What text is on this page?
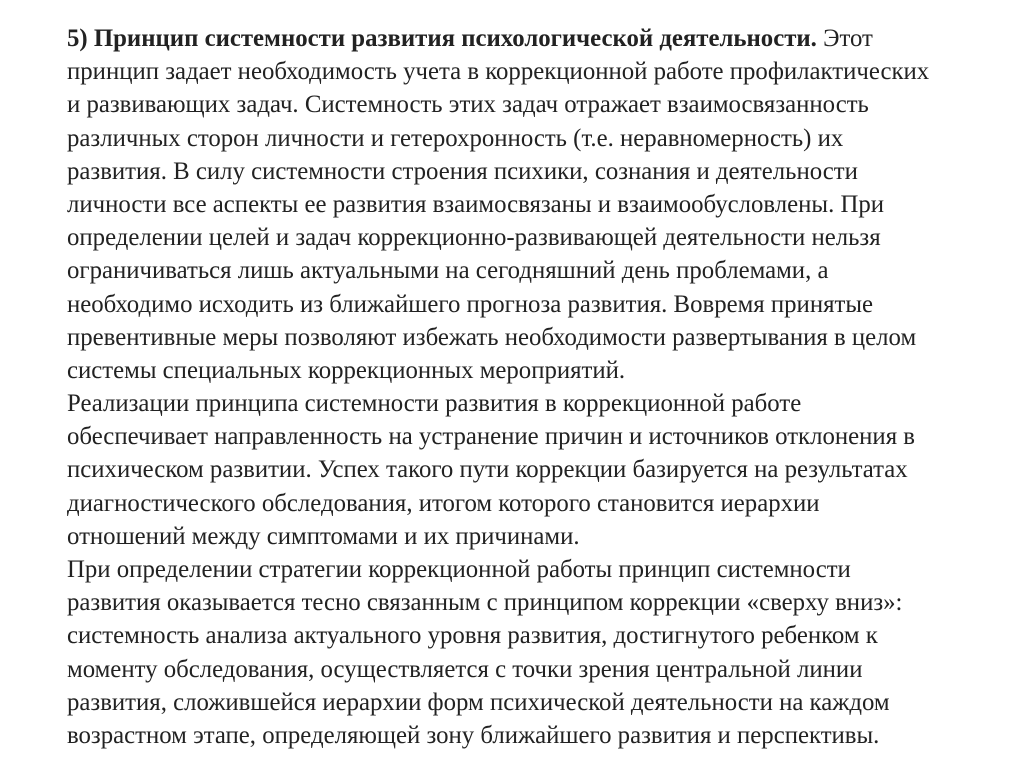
5) Принцип системности развития психологической деятельности. Этот
принцип задает необходимость учета в коррекционной работе профилактических
и развивающих задач. Системность этих задач отражает взаимосвязанность
различных сторон личности и гетерохронность (т.е. неравномерность) их
развития. В силу системности строения психики, сознания и деятельности
личности все аспекты ее развития взаимосвязаны и взаимообусловлены. При
определении целей и задач коррекционно-развивающей деятельности нельзя
ограничиваться лишь актуальными на сегодняшний день проблемами, а
необходимо исходить из ближайшего прогноза развития. Вовремя принятые
превентивные меры позволяют избежать необходимости развертывания в целом
системы специальных коррекционных мероприятий.
Реализации принципа системности развития в коррекционной работе
обеспечивает направленность на устранение причин и источников отклонения в
психическом развитии. Успех такого пути коррекции базируется на результатах
диагностического обследования, итогом которого становится иерархии
отношений между симптомами и их причинами.
При определении стратегии коррекционной работы принцип системности
развития оказывается тесно связанным с принципом коррекции «сверху вниз»:
системность анализа актуального уровня развития, достигнутого ребенком к
моменту обследования, осуществляется с точки зрения центральной линии
развития, сложившейся иерархии форм психической деятельности на каждом
возрастном этапе, определяющей зону ближайшего развития и перспективы.
